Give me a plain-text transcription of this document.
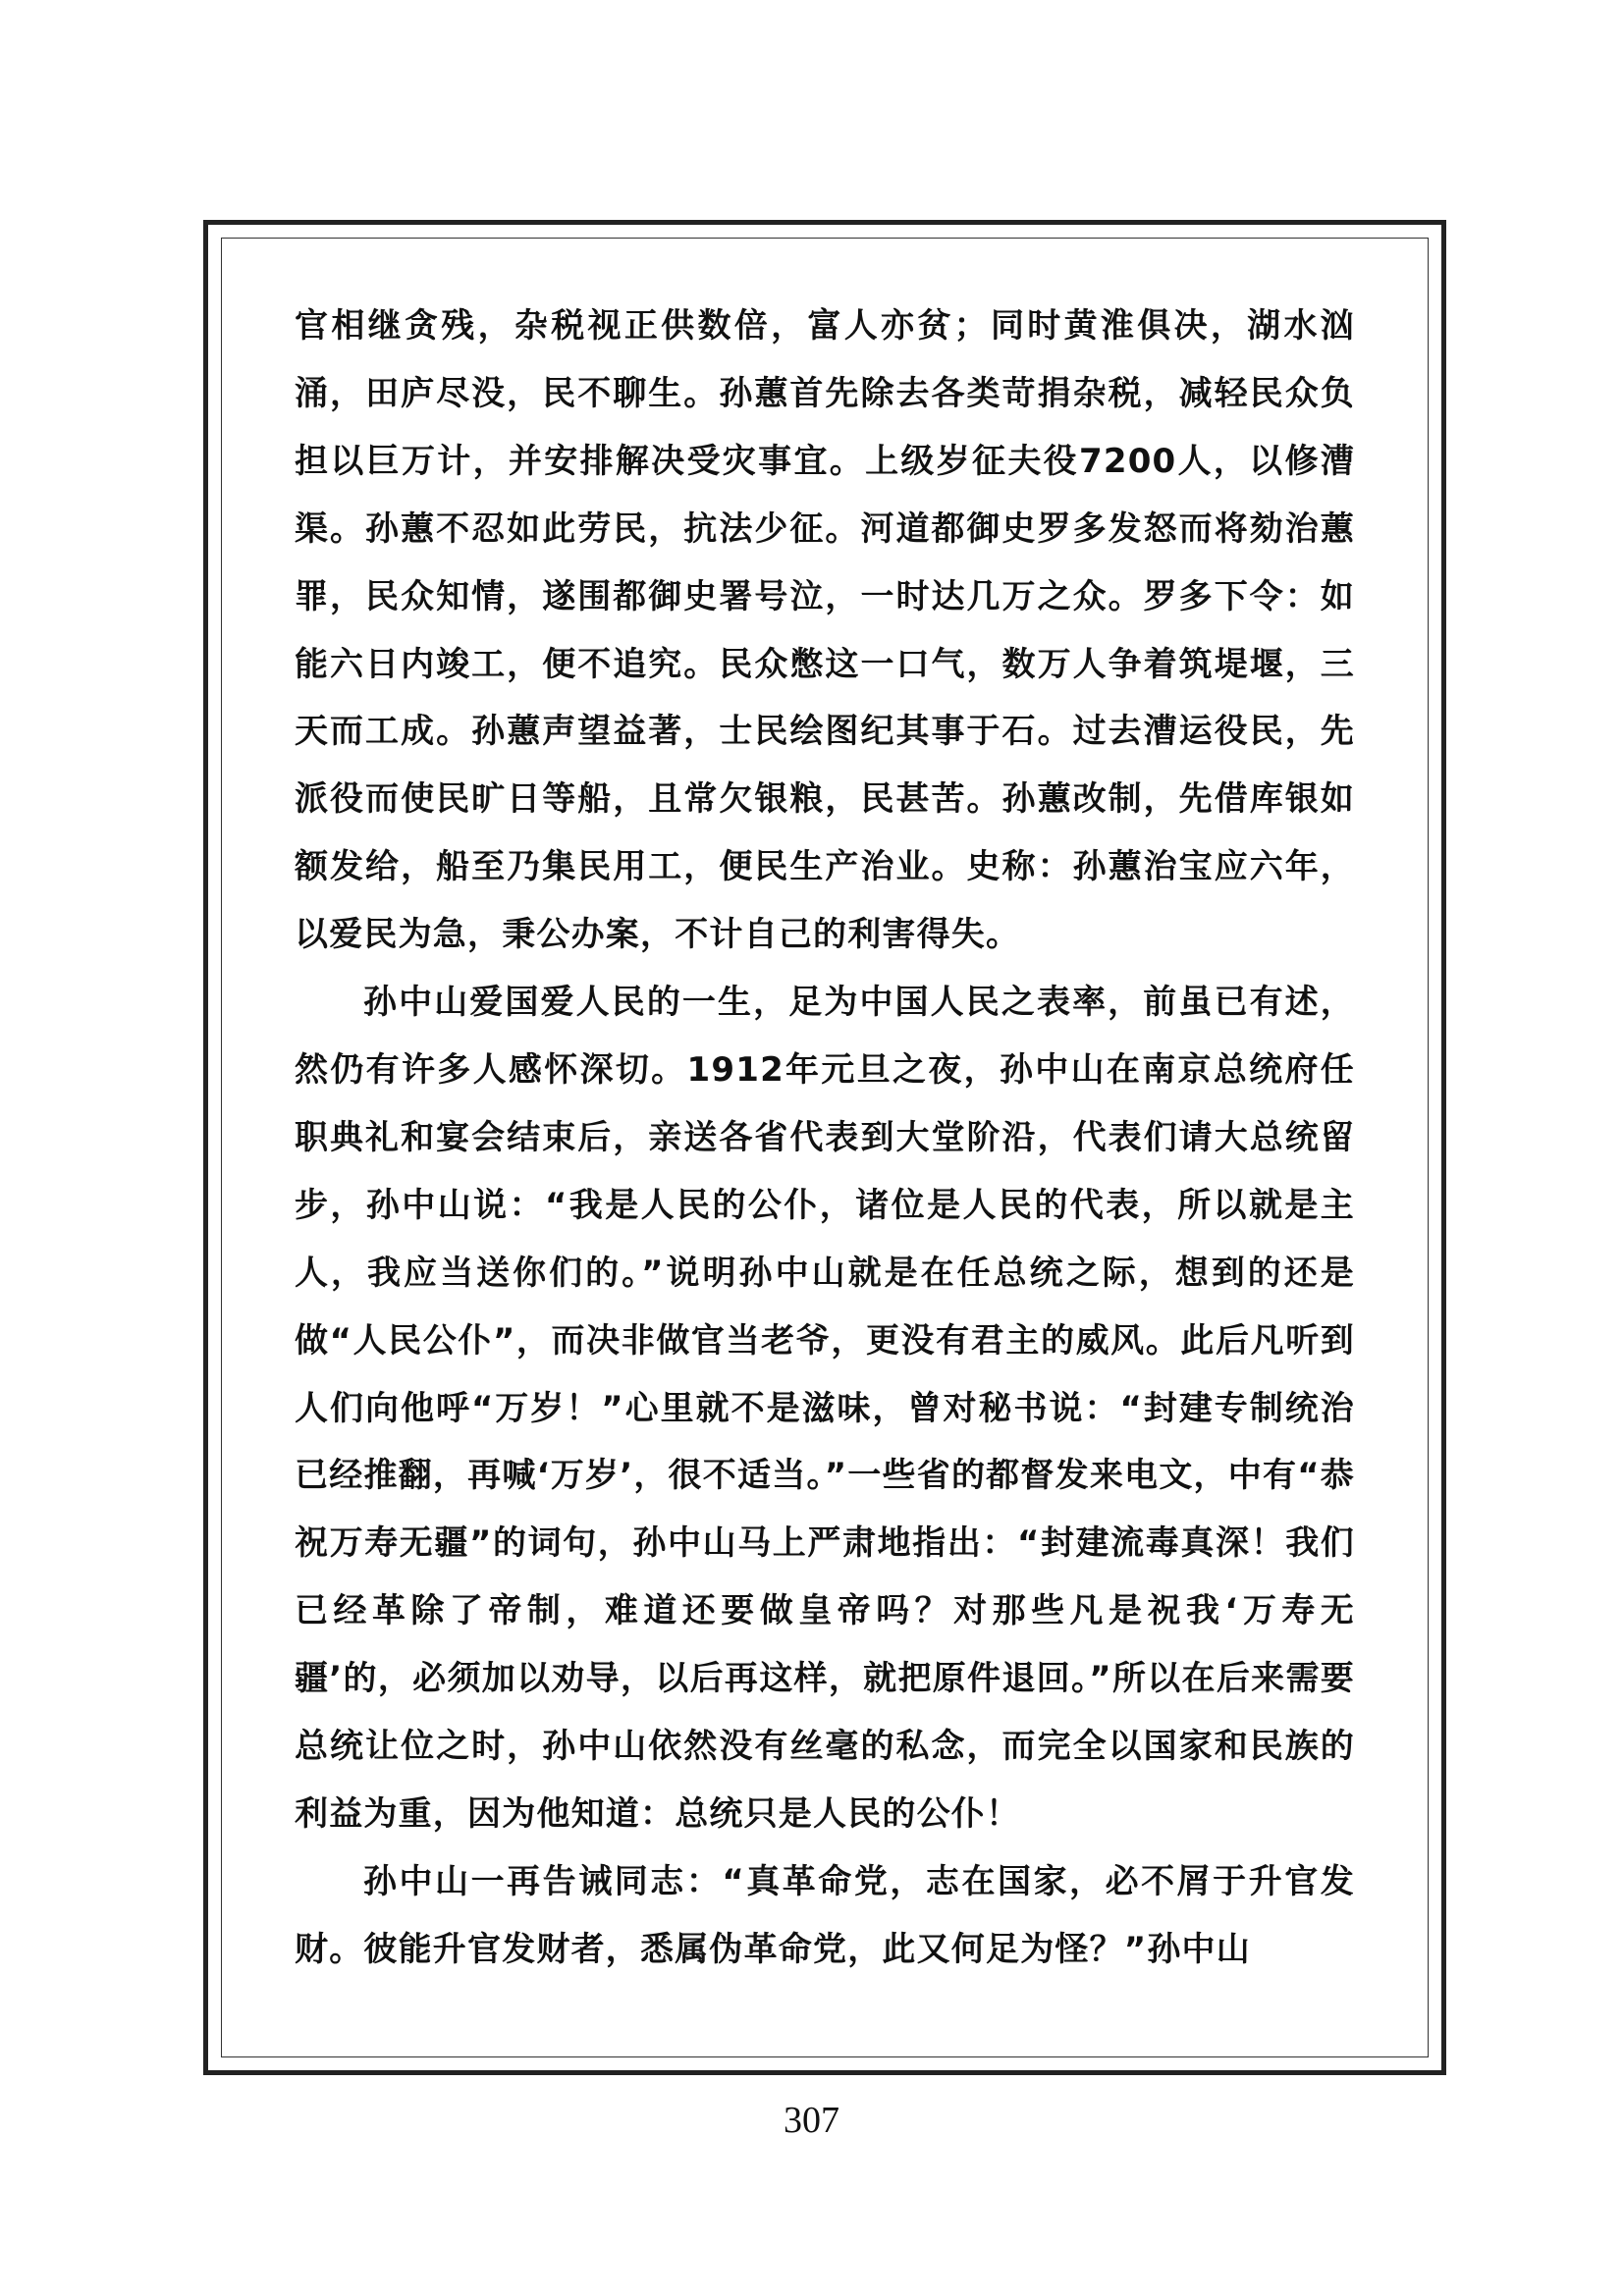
官相继贪残，杂税视正供数倍，富人亦贫；同时黄淮俱决，湖水汹涌，田庐尽没，民不聊生。孙蕙首先除去各类苛捐杂税，减轻民众负担以巨万计，并安排解决受灾事宜。上级岁征夫役7200人，以修漕渠。孙蕙不忍如此劳民，抗法少征。河道都御史罗多发怒而将劾治蕙罪，民众知情，遂围都御史署号泣，一时达几万之众。罗多下令：如能六日内竣工，便不追究。民众憋这一口气，数万人争着筑堤堰，三天而工成。孙蕙声望益著，士民绘图纪其事于石。过去漕运役民，先派役而使民旷日等船，且常欠银粮，民甚苦。孙蕙改制，先借库银如额发给，船至乃集民用工，便民生产治业。史称：孙蕙治宝应六年，以爱民为急，秉公办案，不计自己的利害得失。

孙中山爱国爱人民的一生，足为中国人民之表率，前虽已有述，然仍有许多人感怀深切。1912年元旦之夜，孙中山在南京总统府任职典礼和宴会结束后，亲送各省代表到大堂阶沿，代表们请大总统留步，孙中山说：“我是人民的公仆，诸位是人民的代表，所以就是主人，我应当送你们的。”说明孙中山就是在任总统之际，想到的还是做“人民公仆”，而决非做官当老爷，更没有君主的威风。此后凡听到人们向他呼“万岁！”心里就不是滋味，曾对秘书说：“封建专制统治已经推翻，再喊‘万岁’，很不适当。”一些省的都督发来电文，中有“恭祝万寿无疆”的词句，孙中山马上严肃地指出：“封建流毒真深！我们已经革除了帝制，难道还要做皇帝吗？对那些凡是祝我‘万寿无疆’的，必须加以劝导，以后再这样，就把原件退回。”所以在后来需要总统让位之时，孙中山依然没有丝毫的私念，而完全以国家和民族的利益为重，因为他知道：总统只是人民的公仆！

孙中山一再告诫同志：“真革命党，志在国家，必不屑于升官发财。彼能升官发财者，悉属伪革命党，此又何足为怪？”孙中山

307
